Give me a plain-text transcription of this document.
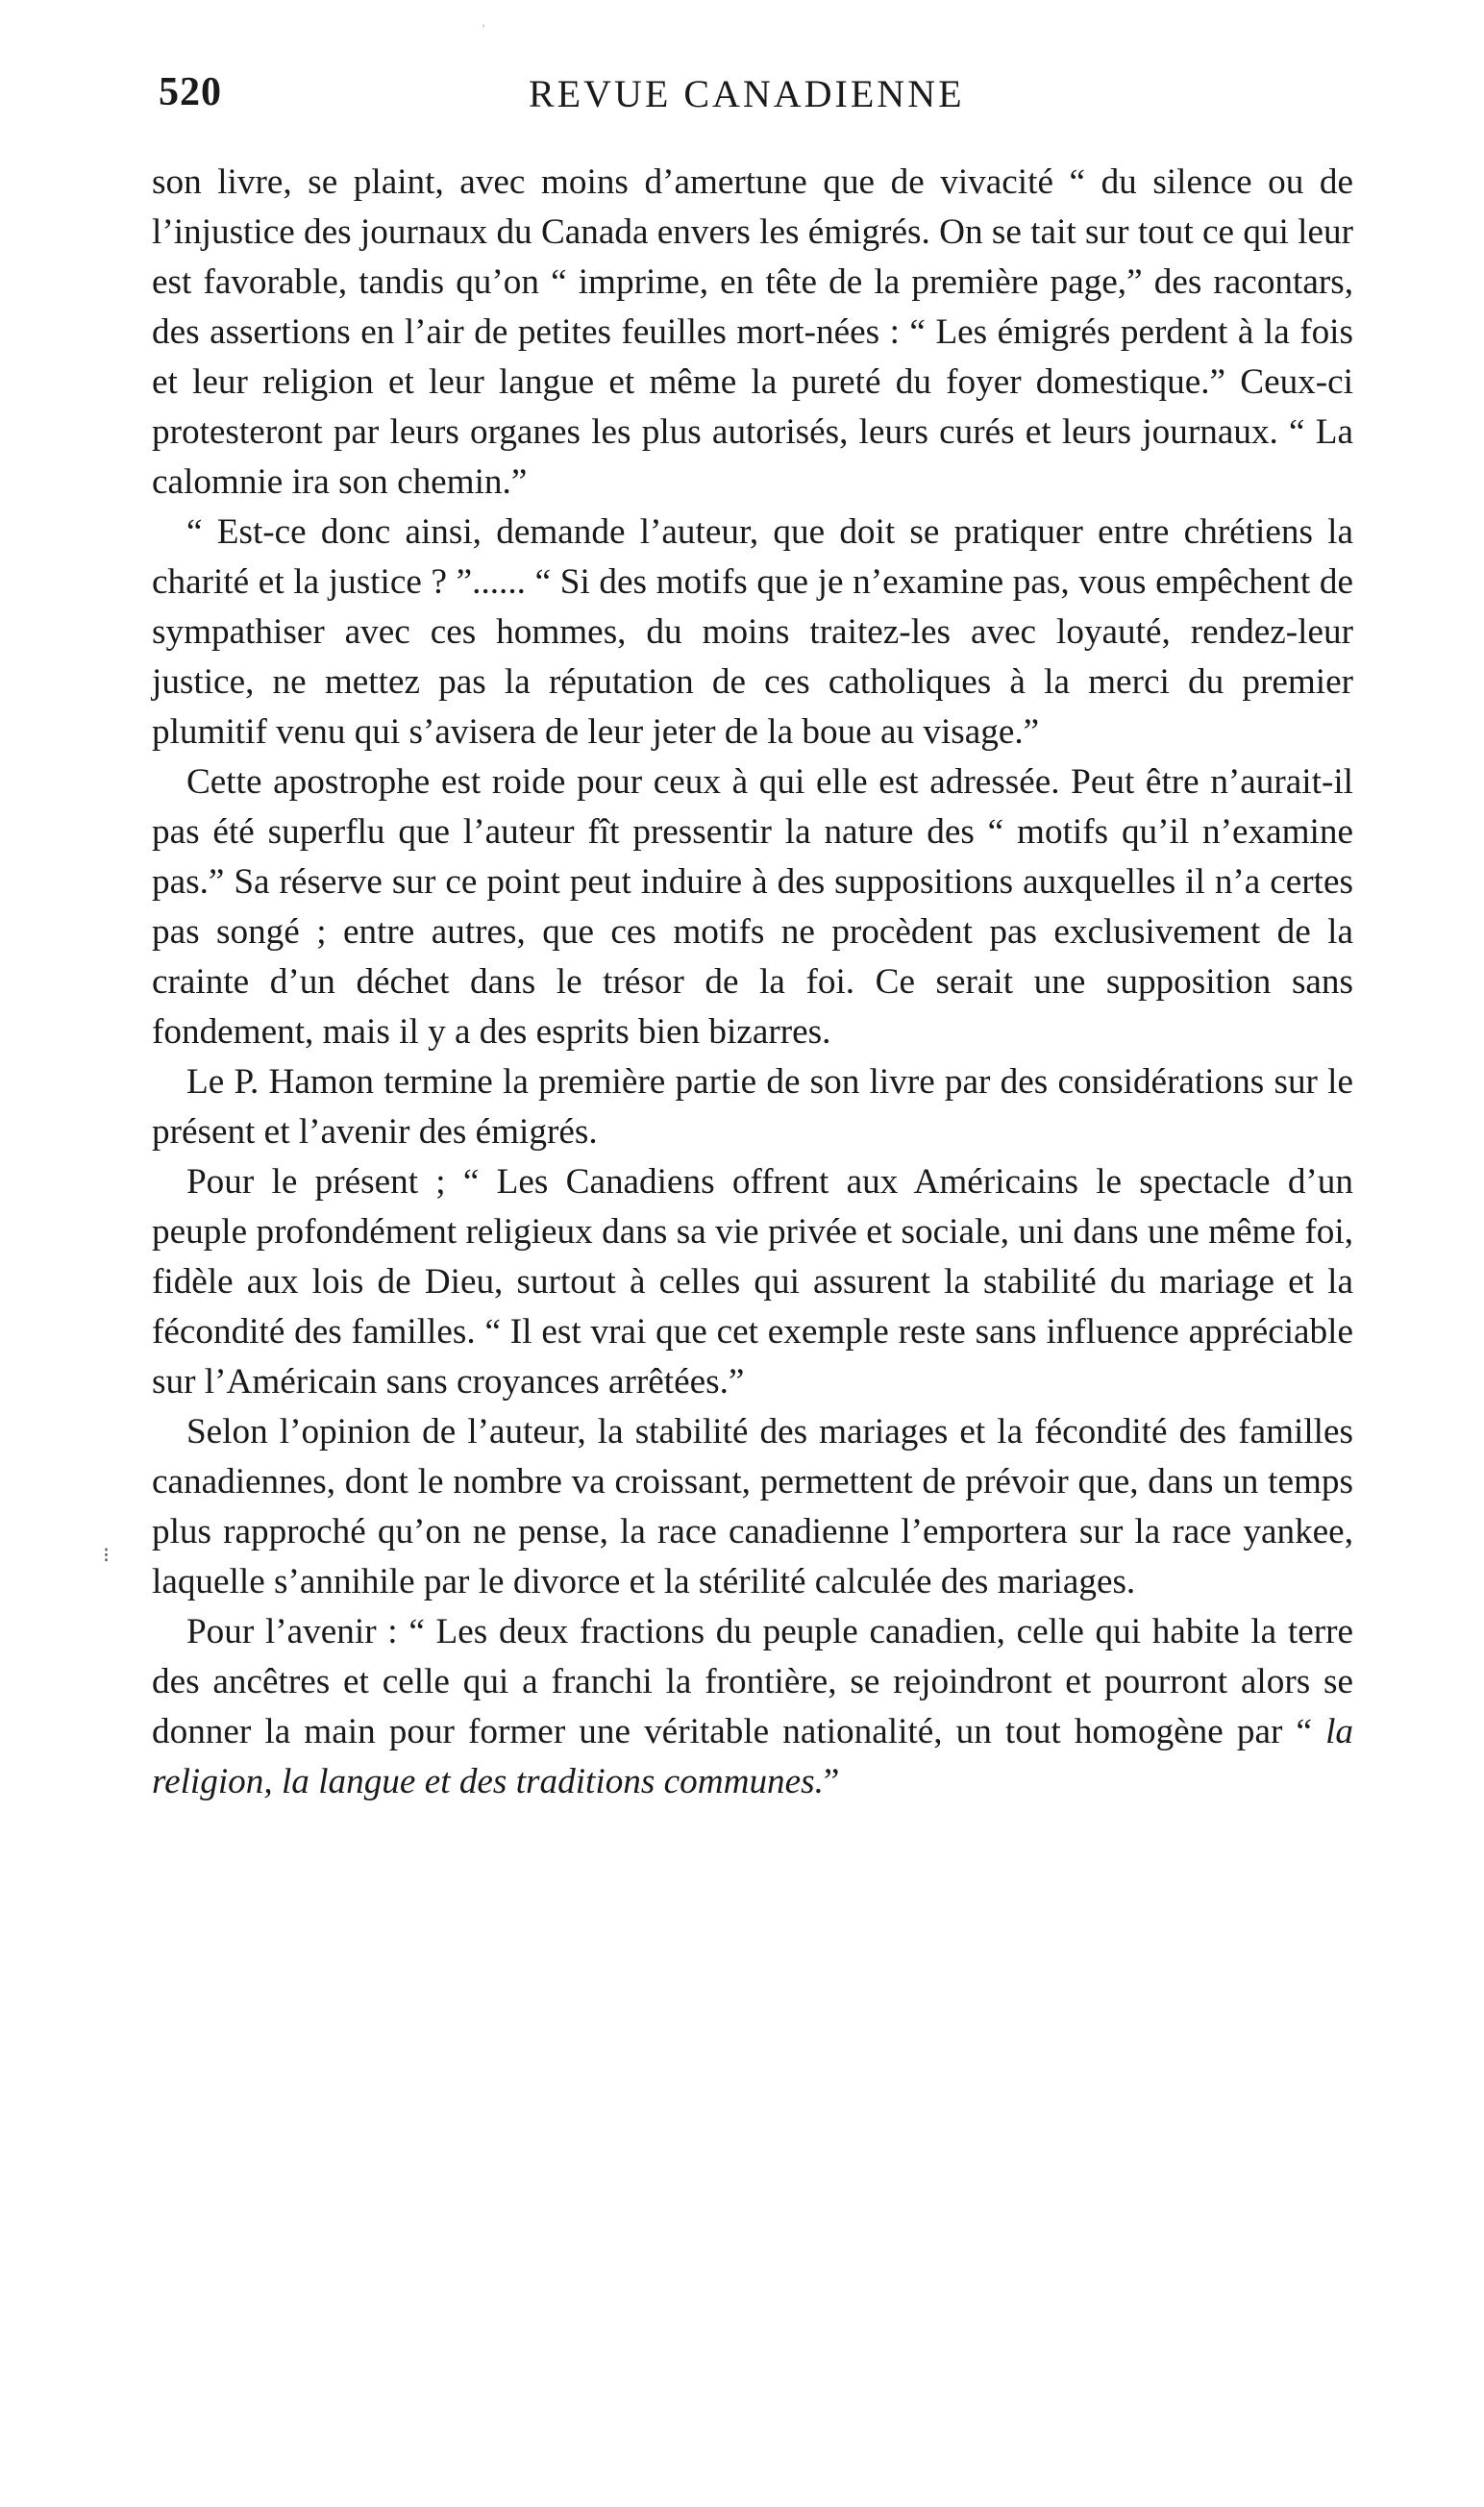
ˈ
520	REVUE CANADIENNE

son livre, se plaint, avec moins d’amertune que de vivacité “ du silence ou de l’injustice des journaux du Canada envers les émigrés. On se tait sur tout ce qui leur est favorable, tandis qu’on “ imprime, en tête de la première page,” des racontars, des assertions en l’air de petites feuilles mort-nées : “ Les émigrés perdent à la fois et leur religion et leur langue et même la pureté du foyer domestique.” Ceux-ci protesteront par leurs organes les plus autorisés, leurs curés et leurs journaux. “ La calomnie ira son chemin.”

“ Est-ce donc ainsi, demande l’auteur, que doit se pratiquer entre chrétiens la charité et la justice ? ”...... “ Si des motifs que je n’examine pas, vous empêchent de sympathiser avec ces hommes, du moins traitez-les avec loyauté, rendez-leur justice, ne mettez pas la réputation de ces catholiques à la merci du premier plumitif venu qui s’avisera de leur jeter de la boue au visage.”

Cette apostrophe est roide pour ceux à qui elle est adressée. Peut être n’aurait-il pas été superflu que l’auteur fît pressentir la nature des “ motifs qu’il n’examine pas.” Sa réserve sur ce point peut induire à des suppositions auxquelles il n’a certes pas songé ; entre autres, que ces motifs ne procèdent pas exclusivement de la crainte d’un déchet dans le trésor de la foi. Ce serait une supposition sans fondement, mais il y a des esprits bien bizarres.

Le P. Hamon termine la première partie de son livre par des considérations sur le présent et l’avenir des émigrés.

Pour le présent ; “ Les Canadiens offrent aux Américains le spectacle d’un peuple profondément religieux dans sa vie privée et sociale, uni dans une même foi, fidèle aux lois de Dieu, surtout à celles qui assurent la stabilité du mariage et la fécondité des familles. “ Il est vrai que cet exemple reste sans influence appréciable sur l’Américain sans croyances arrêtées.”

Selon l’opinion de l’auteur, la stabilité des mariages et la fécondité des familles canadiennes, dont le nombre va croissant, permettent de prévoir que, dans un temps plus rapproché qu’on ne pense, la race canadienne l’emportera sur la race yankee, laquelle s’annihile par le divorce et la stérilité calculée des mariages.

Pour l’avenir : “ Les deux fractions du peuple canadien, celle qui habite la terre des ancêtres et celle qui a franchi la frontière, se rejoindront et pourront alors se donner la main pour former une véritable nationalité, un tout homogène par “ la religion, la langue et des traditions communes.”

⁝
